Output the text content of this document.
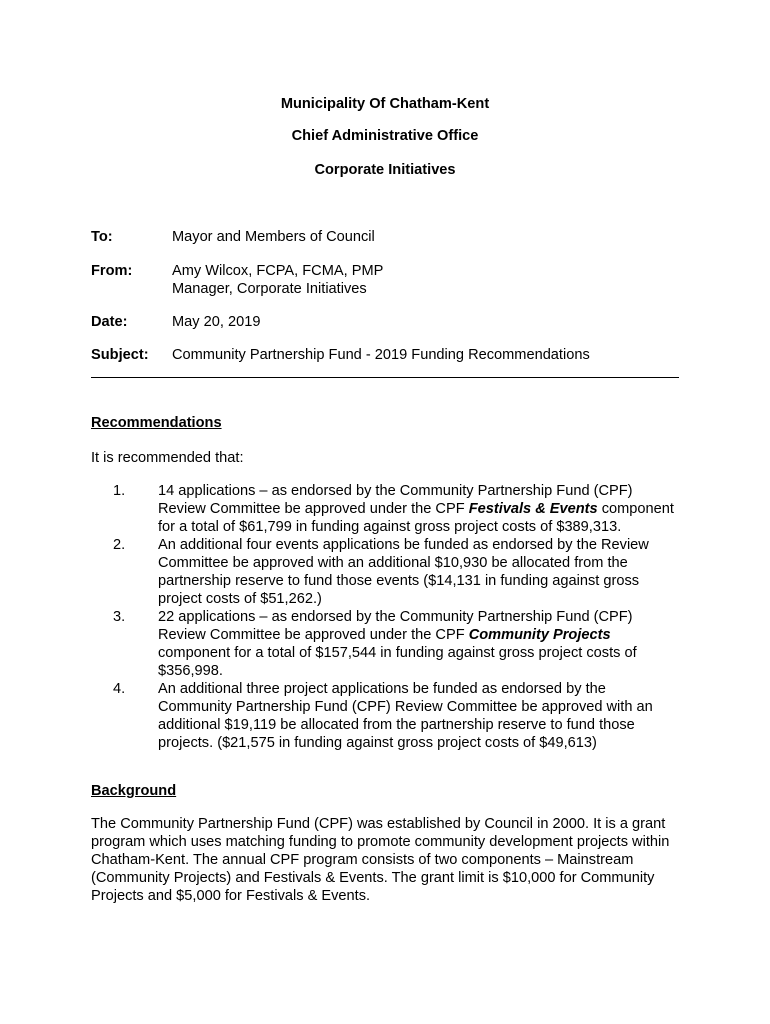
Municipality Of Chatham-Kent
Chief Administrative Office
Corporate Initiatives
To:	Mayor and Members of Council
From:	Amy Wilcox, FCPA, FCMA, PMP
Manager, Corporate Initiatives
Date:	May 20, 2019
Subject:	Community Partnership Fund - 2019 Funding Recommendations
Recommendations
It is recommended that:
1. 14 applications – as endorsed by the Community Partnership Fund (CPF) Review Committee be approved under the CPF Festivals & Events component for a total of $61,799 in funding against gross project costs of $389,313.
2. An additional four events applications be funded as endorsed by the Review Committee be approved with an additional $10,930 be allocated from the partnership reserve to fund those events ($14,131 in funding against gross project costs of $51,262.)
3. 22 applications – as endorsed by the Community Partnership Fund (CPF) Review Committee be approved under the CPF Community Projects component for a total of $157,544 in funding against gross project costs of $356,998.
4. An additional three project applications be funded as endorsed by the Community Partnership Fund (CPF) Review Committee be approved with an additional $19,119 be allocated from the partnership reserve to fund those projects. ($21,575 in funding against gross project costs of $49,613)
Background
The Community Partnership Fund (CPF) was established by Council in 2000. It is a grant program which uses matching funding to promote community development projects within Chatham-Kent. The annual CPF program consists of two components – Mainstream (Community Projects) and Festivals & Events. The grant limit is $10,000 for Community Projects and $5,000 for Festivals & Events.
